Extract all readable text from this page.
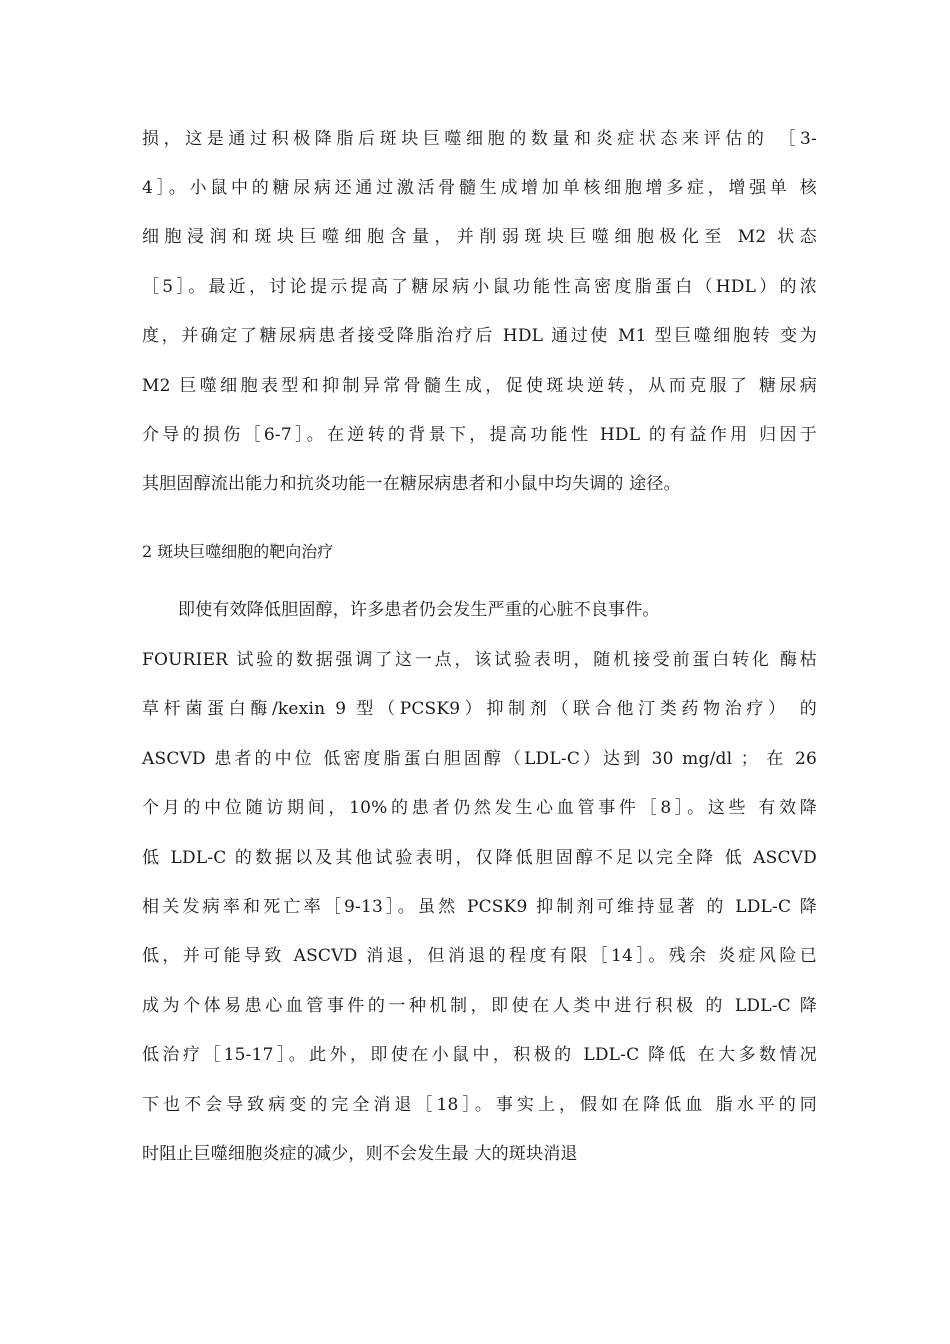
损，这是通过积极降脂后斑块巨噬细胞的数量和炎症状态来评估的 ［3-
4］。小鼠中的糖尿病还通过激活骨髓生成增加单核细胞增多症，增强单 核
细胞浸润和斑块巨噬细胞含量，并削弱斑块巨噬细胞极化至 M2 状态
［5］。最近，讨论提示提高了糖尿病小鼠功能性高密度脂蛋白（HDL）的浓
度，并确定了糖尿病患者接受降脂治疗后 HDL 通过使 M1 型巨噬细胞转 变为
M2 巨噬细胞表型和抑制异常骨髓生成，促使斑块逆转，从而克服了 糖尿病
介导的损伤［6-7］。在逆转的背景下，提高功能性 HDL 的有益作用 归因于
其胆固醇流出能力和抗炎功能一在糖尿病患者和小鼠中均失调的 途径。
2 斑块巨噬细胞的靶向治疗
即使有效降低胆固醇，许多患者仍会发生严重的心脏不良事件。
FOURIER 试验的数据强调了这一点，该试验表明，随机接受前蛋白转化 酶枯
草杆菌蛋白酶/kexin 9 型（PCSK9）抑制剂（联合他汀类药物治疗） 的
ASCVD 患者的中位 低密度脂蛋白胆固醇（LDL-C）达到 30 mg/dl ； 在 26
个月的中位随访期间，10%的患者仍然发生心血管事件［8］。这些 有效降
低 LDL-C 的数据以及其他试验表明，仅降低胆固醇不足以完全降 低 ASCVD
相关发病率和死亡率［9-13］。虽然 PCSK9 抑制剂可维持显著 的 LDL-C 降
低，并可能导致 ASCVD 消退，但消退的程度有限［14］。残余 炎症风险已
成为个体易患心血管事件的一种机制，即使在人类中进行积极 的 LDL-C 降
低治疗［15-17］。此外，即使在小鼠中，积极的 LDL-C 降低 在大多数情况
下也不会导致病变的完全消退［18］。事实上，假如在降低血 脂水平的同
时阻止巨噬细胞炎症的减少，则不会发生最 大的斑块消退
